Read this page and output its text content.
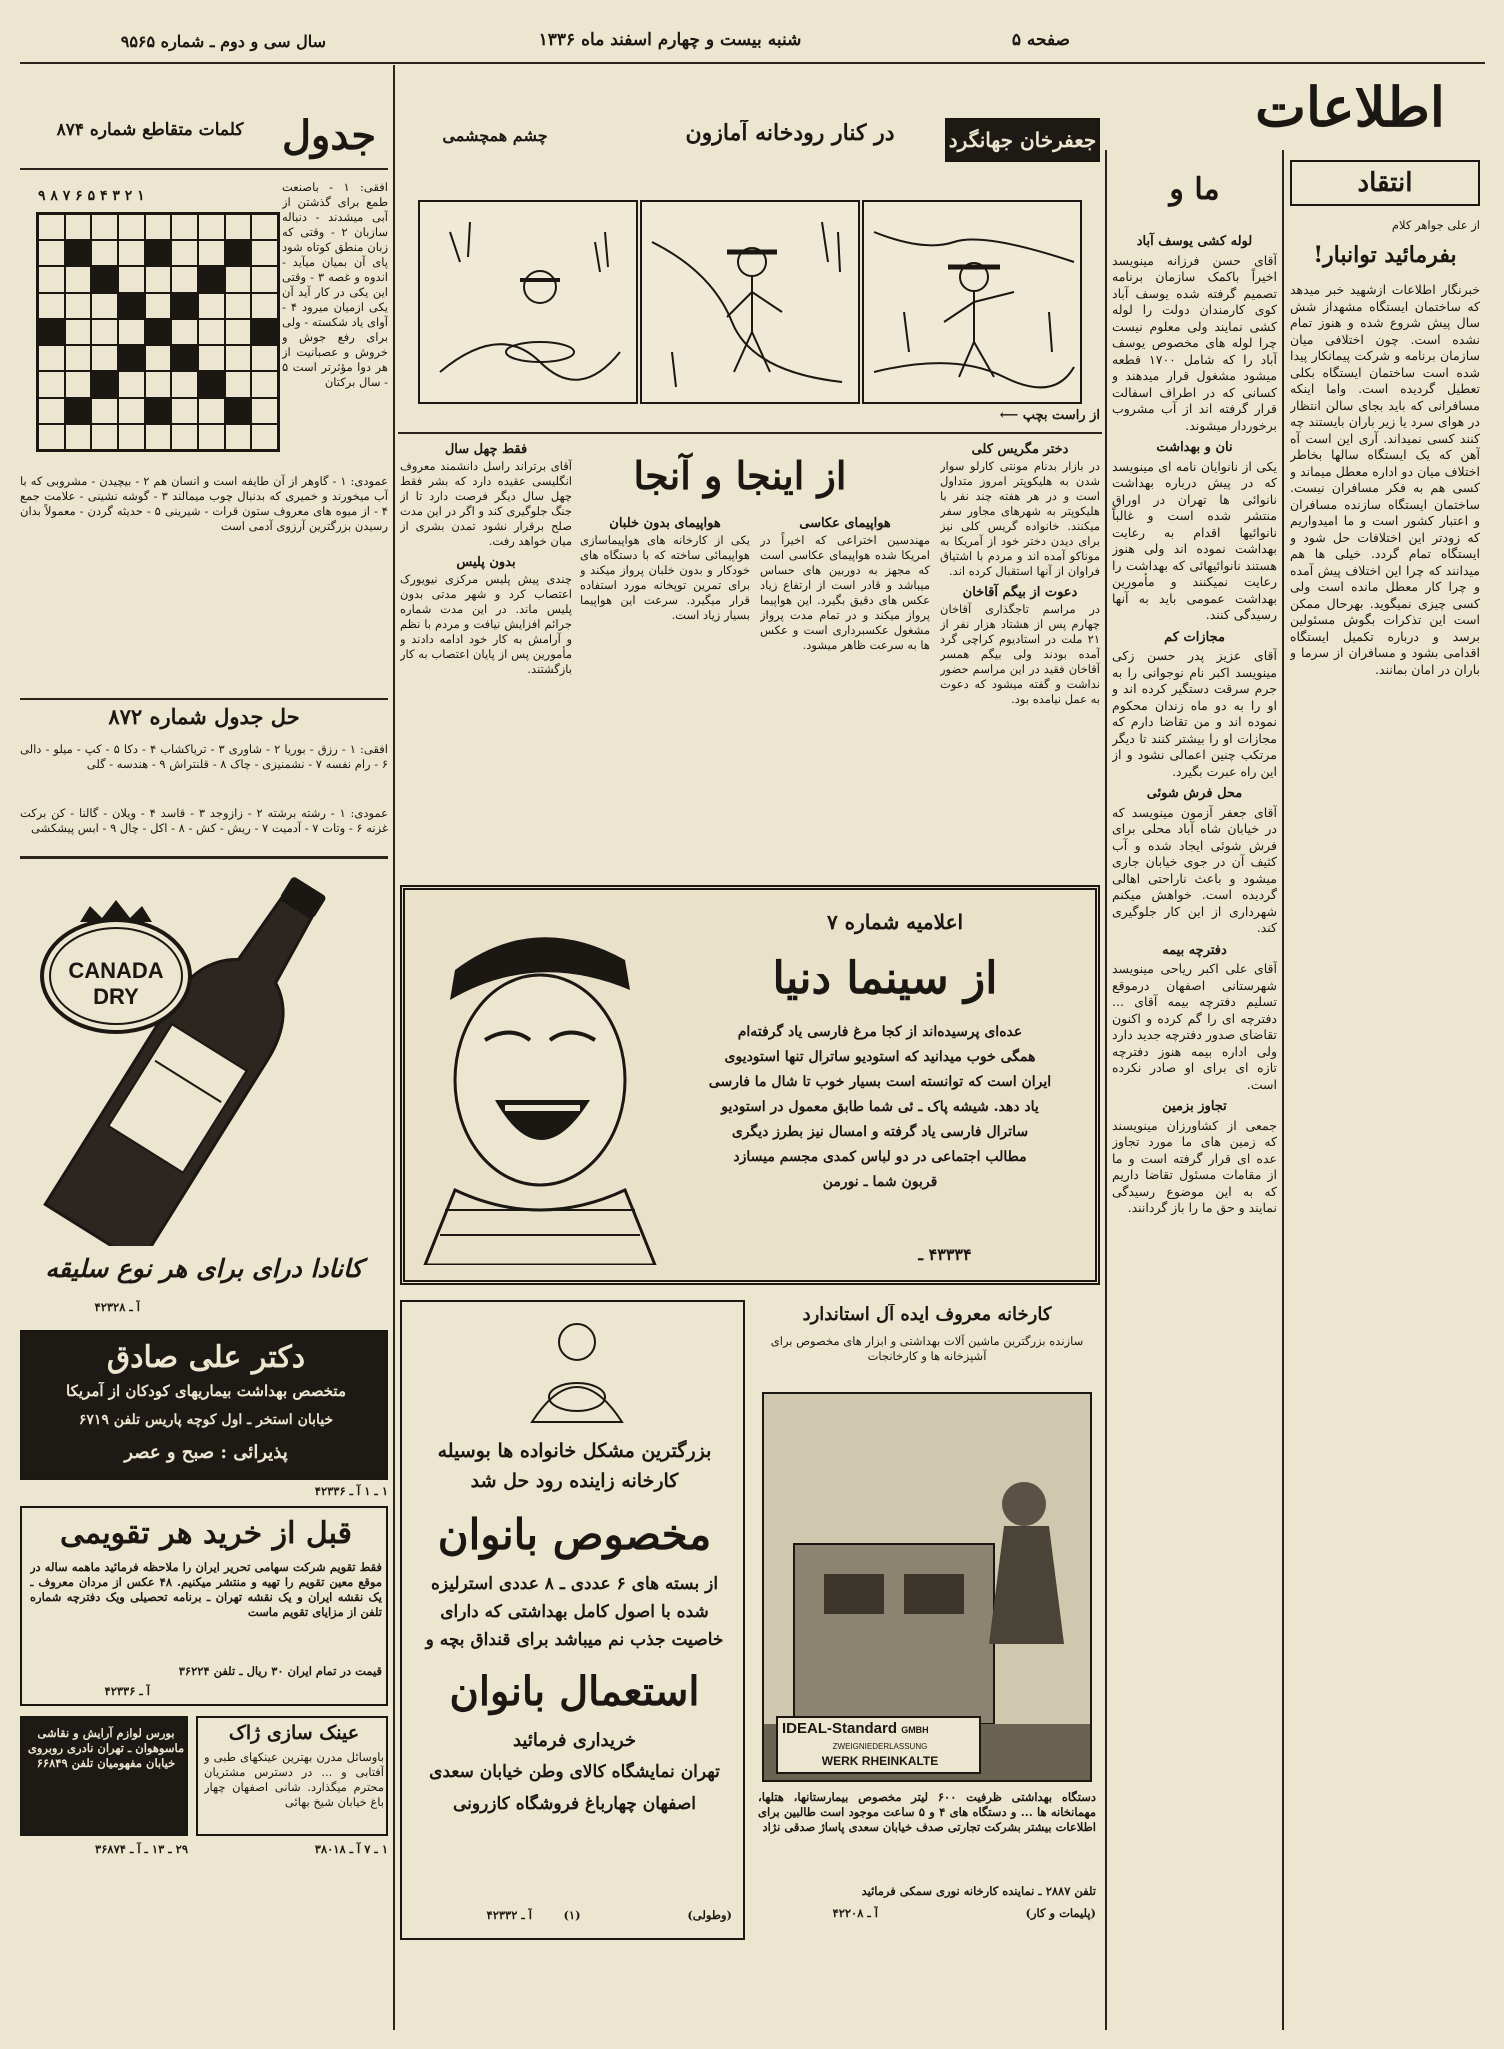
صفحه ۵
شنبه بیست و چهارم اسفند ماه ۱۳۳۶
سال سی و دوم ـ شماره ۹۵۶۵
اطلاعات
انتقاد
از علی جواهر کلام
بفرمائید توانبار!
خبرنگار اطلاعات ازشهید خبر میدهد که ساختمان ایستگاه مشهداز شش سال پیش شروع شده و هنوز تمام نشده است. چون اختلافی میان سازمان برنامه و شرکت پیمانکار پیدا شده است ساختمان ایستگاه بکلی تعطیل گردیده است. واما اینکه مسافرانی که باید بجای سالن انتظار در هوای سرد یا زیر باران بایستند چه کنند کسی نمیداند. آری این است آه آهن که یک ایستگاه سالها بخاطر اختلاف میان دو اداره معطل میماند و کسی هم به فکر مسافران نیست. ساختمان ایستگاه سازنده مسافران و اعتبار کشور است و ما امیدواریم که زودتر این اختلافات حل شود و ایستگاه تمام گردد. خیلی ها هم میدانند که چرا این اختلاف پیش آمده و چرا کار معطل مانده است ولی کسی چیزی نمیگوید. بهرحال ممکن است این تذکرات بگوش مسئولین برسد و درباره تکمیل ایستگاه اقدامی بشود و مسافران از سرما و باران در امان بمانند.
ما و
لوله کشی یوسف آباد
آقای حسن فرزانه مینویسد اخیراً باکمک سازمان برنامه تصمیم گرفته شده یوسف آباد کوی کارمندان دولت را لوله کشی نمایند ولی معلوم نیست چرا لوله های مخصوص یوسف آباد را که شامل ۱۷۰۰ قطعه میشود مشغول قرار میدهند و کسانی که در اطراف اسفالت قرار گرفته اند از آب مشروب برخوردار میشوند.
نان و بهداشت
یکی از نانوایان نامه ای مینویسد که در پیش درباره بهداشت نانوائی ها تهران در اوراق منتشر شده است و غالباً نانوائیها اقدام به رعایت بهداشت نموده اند ولی هنوز هستند نانوائیهائی که بهداشت را رعایت نمیکنند و مأمورین بهداشت عمومی باید به آنها رسیدگی کنند.
مجازات کم
آقای عزیز پدر حسن زکی مینویسد اکبر نام نوجوانی را به جرم سرقت دستگیر کرده اند و او را به دو ماه زندان محکوم نموده اند و من تقاضا دارم که مجازات او را بیشتر کنند تا دیگر مرتکب چنین اعمالی نشود و از این راه عبرت بگیرد.
محل فرش شوئی
آقای جعفر آزمون مینویسد که در خیابان شاه آباد محلی برای فرش شوئی ایجاد شده و آب کثیف آن در جوی خیابان جاری میشود و باعث ناراحتی اهالی گردیده است. خواهش میکنم شهرداری از این کار جلوگیری کند.
دفترچه بیمه
آقای علی اکبر ریاحی مینویسد شهرستانی اصفهان درموقع تسلیم دفترچه بیمه آقای ... دفترچه ای را گم کرده و اکنون تقاضای صدور دفترچه جدید دارد ولی اداره بیمه هنوز دفترچه تازه ای برای او صادر نکرده است.
تجاوز بزمین
جمعی از کشاورزان مینویسند که زمین های ما مورد تجاوز عده ای قرار گرفته است و ما از مقامات مسئول تقاضا داریم که به این موضوع رسیدگی نمایند و حق ما را باز گردانند.
جعفرخان جهانگرد
در کنار رودخانه آمازون
چشم همچشمی
از راست بچپ ⟵
از اینجا و آنجا
دختر مگریس کلی
در بازار بدنام مونتی کارلو سوار شدن به هلیکوپتر امروز متداول است و در هر هفته چند نفر با هلیکوپتر به شهرهای مجاور سفر میکنند. خانواده گریس کلی نیز برای دیدن دختر خود از آمریکا به موناکو آمده اند و مردم با اشتیاق فراوان از آنها استقبال کرده اند.
دعوت از بیگم آقاخان
در مراسم تاجگذاری آقاخان چهارم پس از هشتاد هزار نفر از ۲۱ ملت در استادیوم کراچی گرد آمده بودند ولی بیگم همسر آقاخان فقید در این مراسم حضور نداشت و گفته میشود که دعوت به عمل نیامده بود.
هواپیمای عکاسی
مهندسین اختراعی که اخیراً در امریکا شده هواپیمای عکاسی است که مجهز به دوربین های حساس میباشد و قادر است از ارتفاع زیاد عکس های دقیق بگیرد. این هواپیما پرواز میکند و در تمام مدت پرواز مشغول عکسبرداری است و عکس ها به سرعت ظاهر میشود.
هواپیمای بدون خلبان
یکی از کارخانه های هواپیماسازی هواپیمائی ساخته که با دستگاه های خودکار و بدون خلبان پرواز میکند و برای تمرین توپخانه مورد استفاده قرار میگیرد. سرعت این هواپیما بسیار زیاد است.
فقط چهل سال
آقای برتراند راسل دانشمند معروف انگلیسی عقیده دارد که بشر فقط چهل سال دیگر فرصت دارد تا از جنگ جلوگیری کند و اگر در این مدت صلح برقرار نشود تمدن بشری از میان خواهد رفت.
بدون پلیس
چندی پیش پلیس مرکزی نیویورک اعتصاب کرد و شهر مدتی بدون پلیس ماند. در این مدت شماره جرائم افزایش نیافت و مردم با نظم و آرامش به کار خود ادامه دادند و مأمورین پس از پایان اعتصاب به کار بازگشتند.
اعلامیه شماره ۷
از سینما دنیا
عده‌ای پرسیده‌اند از کجا مرغ فارسی یاد گرفته‌ام
همگی خوب میدانید که استودیو ساترال تنها استودیوی
ایران است که توانسته است بسیار خوب تا شال ما فارسی
یاد دهد. شیشه پاک ـ ئی شما طابق معمول در استودیو
ساترال فارسی یاد گرفته و امسال نیز بطرز دیگری
مطالب اجتماعی در دو لباس کمدی مجسم میسازد
قربون شما ـ نورمن
۴۳۳۳۴ ـ
بزرگترین مشکل خانواده ها بوسیله
کارخانه زاینده رود حل شد
مخصوص بانوان
از بسته های ۶ عددی ـ ۸ عددی استرلیزه
شده با اصول کامل بهداشتی که دارای
خاصیت جذب نم میباشد برای قنداق بچه و
استعمال بانوان
خریداری فرمائید
تهران نمایشگاه کالای وطن خیابان سعدی
اصفهان چهارباغ فروشگاه کازرونی
آ ـ ۴۲۳۳۲	(۱)	(وطولی)
کارخانه معروف ایده آل استاندارد
سازنده بزرگترین ماشین آلات بهداشتی و ابزار های مخصوص برای آشپزخانه ها و کارخانجات
IDEAL-Standard GMBH
ZWEIGNIEDERLASSUNG
WERK RHEINKALTE
دستگاه بهداشتی ظرفیت ۶۰۰ لیتر مخصوص بیمارستانها، هتلها، مهمانخانه ها ... و دستگاه های ۴ و ۵ ساعت موجود است طالبین برای اطلاعات بیشتر بشرکت تجارتی صدف خیابان سعدی پاساژ صدقی نژاد
تلفن ۲۸۸۷ ـ نماینده کارخانه نوری سمکی فرمائید
آ ـ ۴۲۲۰۸	(پلیمات و کار)
جدول
کلمات متقاطع شماره ۸۷۴
۹ ۸ ۷ ۶ ۵ ۴ ۳ ۲ ۱
افقی: ۱ - باصنعت طمع برای گذشتن از آبی میشدند - دنباله سازبان ۲ - وقتی که زبان منطق کوتاه شود پای آن بمیان میآید - اندوه و غصه ۳ - وقتی این یکی در کار آید آن یکی ازمیان میرود ۴ - آوای یاد شکسته - ولی برای رفع جوش و خروش و عصبانیت از هر دوا مؤثرتر است ۵ - سال برکتان
عمودی: ۱ - گاوهر از آن طایفه است و انسان هم ۲ - بیچیدن - مشروبی که با آب میخورند و خمیری که بدنبال چوب میمالند ۳ - گوشه نشینی - علامت جمع ۴ - از میوه های معروف ستون قرات - شیرینی ۵ - حدیثه گردن - معمولاً بدان رسیدن بزرگترین آرزوی آدمی است
حل جدول شماره ۸۷۲
افقی: ۱ - رزق - بوریا ۲ - شاوری ۳ - تریاکشاب ۴ - دکا ۵ - کپ - میلو - دالی ۶ - رام نفسه ۷ - نشمنیزی - چاک ۸ - قلنتراش ۹ - هندسه - گلی
عمودی: ۱ - رشته برشته ۲ - زازوجد ۳ - قاسد ۴ - ویلان - گالنا - کن برکت غزنه ۶ - وتات ۷ - آدمیت ۷ - ریش - کش - ۸ - اکل - چال ۹ - ابس پیشکشی
CANADA
DRY
کانادا درای برای هر نوع سلیقه
آ ـ ۴۲۳۲۸
دکتر علی صادق
متخصص بهداشت بیماریهای کودکان از آمریکا
خیابان استخر ـ اول کوچه پاریس تلفن ۶۷۱۹
پذیرائی : صبح و عصر
۱ ـ ۱ آ ـ ۴۲۳۳۶
قبل از خرید هر تقویمی
فقط تقویم شرکت سهامی تحریر ایران را ملاحظه فرمائید ماهمه ساله در موقع معین تقویم را تهیه و منتشر میکنیم. ۴۸ عکس از مردان معروف ـ یک نقشه ایران و یک نقشه تهران ـ برنامه تحصیلی ویک دفترچه شماره تلفن از مزایای تقویم ماست
قیمت در تمام ایران ۳۰ ریال ـ تلفن ۳۶۲۲۴
آ ـ ۴۲۳۳۶
بورس لوازم آرایش و نقاشی ماسوهوان ـ تهران نادری روبروی خیابان مفهومیان تلفن ۶۶۸۴۹
۲۹ ـ ۱۳ ـ آ ـ ۳۶۸۷۴
عینک سازی ژاک
باوسائل مدرن بهترین عینکهای طبی و آفتابی و ... در دسترس مشتریان محترم میگذارد. شانی اصفهان چهار باغ خیابان شیخ بهائی
۱ ـ ۷ آ ـ ۳۸۰۱۸
